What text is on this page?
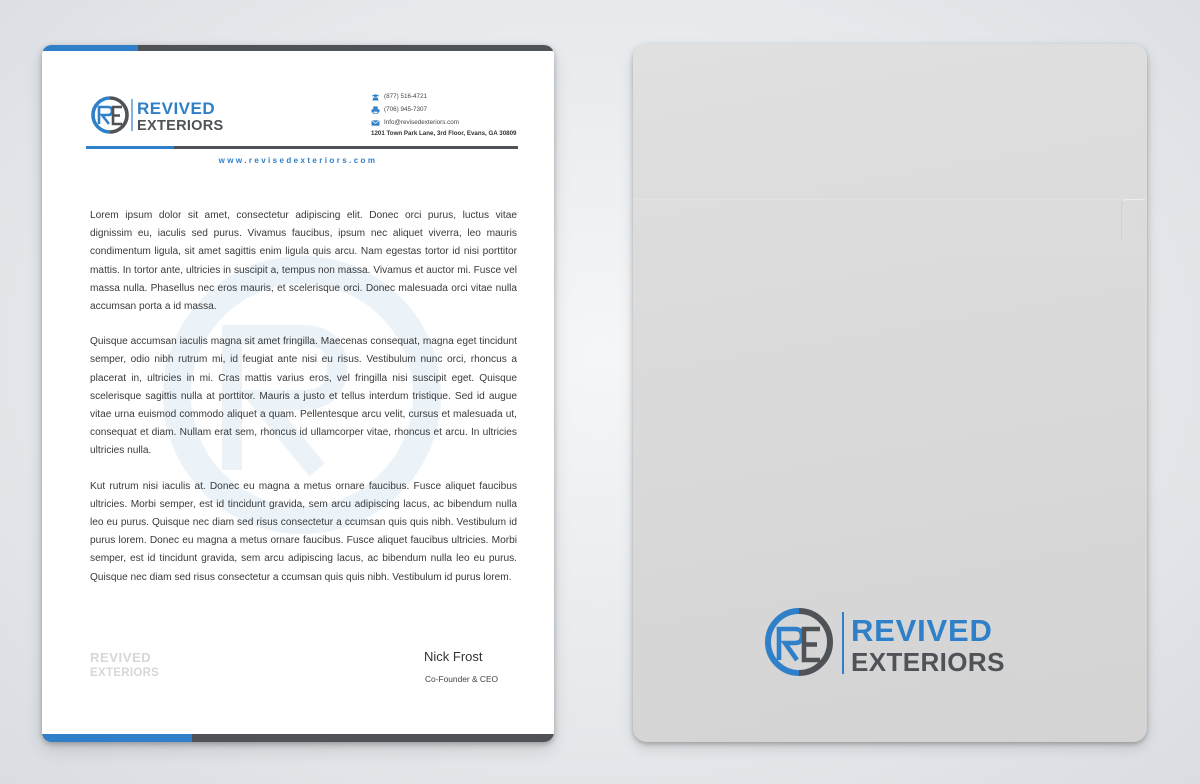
REVIVED
EXTERIORS
(877) 516-4721
(706) 945-7307
Info@revisedexteriors.com
1201 Town Park Lane, 3rd Floor, Evans, GA 30809
www.revisedexteriors.com

Lorem ipsum dolor sit amet, consectetur adipiscing elit. Donec orci purus, luctus vitae dignissim eu, iaculis sed purus. Vivamus faucibus, ipsum nec aliquet viverra, leo mauris condimentum ligula, sit amet sagittis enim ligula quis arcu. Nam egestas tortor id nisi porttitor mattis. In tortor ante, ultricies in suscipit a, tempus non massa. Vivamus et auctor mi. Fusce vel massa nulla. Phasellus nec eros mauris, et scelerisque orci. Donec malesuada orci vitae nulla accumsan porta a id massa.

Quisque accumsan iaculis magna sit amet fringilla. Maecenas consequat, magna eget tincidunt semper, odio nibh rutrum mi, id feugiat ante nisi eu risus. Vestibulum nunc orci, rhoncus a placerat in, ultricies in mi. Cras mattis varius eros, vel fringilla nisi suscipit eget. Quisque scelerisque sagittis nulla at porttitor. Mauris a justo et tellus interdum tristique. Sed id augue vitae urna euismod commodo aliquet a quam. Pellentesque arcu velit, cursus et malesuada ut, consequat et diam. Nullam erat sem, rhoncus id ullamcorper vitae, rhoncus et arcu. In ultricies ultricies nulla.

Kut rutrum nisi iaculis at. Donec eu magna a metus ornare faucibus. Fusce aliquet faucibus ultricies. Morbi semper, est id tincidunt gravida, sem arcu adipiscing lacus, ac bibendum nulla leo eu purus. Quisque nec diam sed risus consectetur a ccumsan quis quis nibh. Vestibulum id purus lorem. Donec eu magna a metus ornare faucibus. Fusce aliquet faucibus ultricies. Morbi semper, est id tincidunt gravida, sem arcu adipiscing lacus, ac bibendum nulla leo eu purus. Quisque nec diam sed risus consectetur a ccumsan quis quis nibh. Vestibulum id purus lorem.

REVIVED
EXTERIORS
Nick Frost
Co-Founder & CEO
REVIVED
EXTERIORS
